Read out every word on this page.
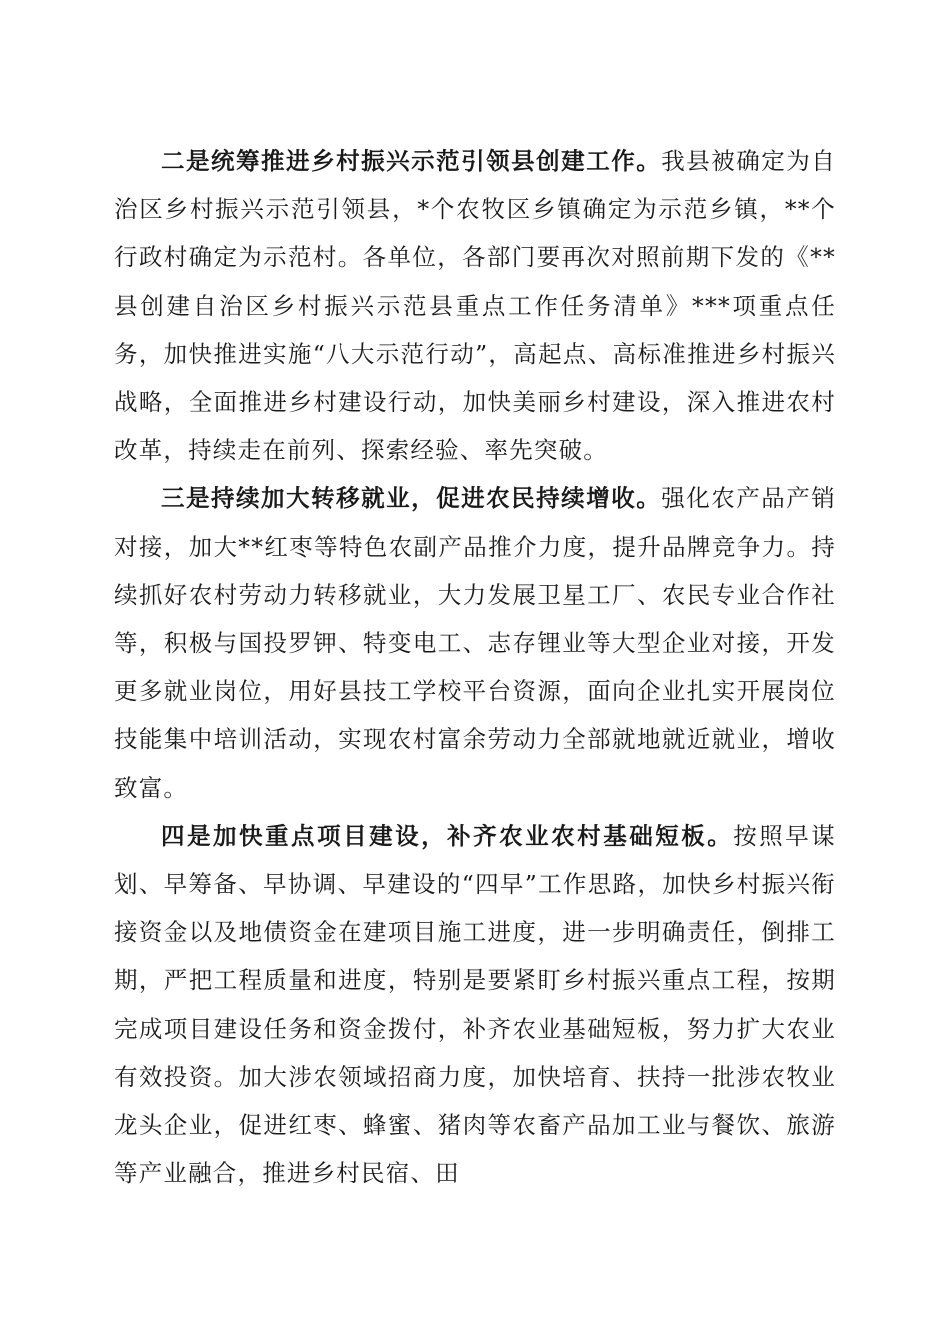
二是统筹推进乡村振兴示范引领县创建工作。我县被确定为自治区乡村振兴示范引领县，*个农牧区乡镇确定为示范乡镇，**个行政村确定为示范村。各单位，各部门要再次对照前期下发的《**县创建自治区乡村振兴示范县重点工作任务清单》***项重点任务，加快推进实施“八大示范行动”，高起点、高标准推进乡村振兴战略，全面推进乡村建设行动，加快美丽乡村建设，深入推进农村改革，持续走在前列、探索经验、率先突破。

三是持续加大转移就业，促进农民持续增收。强化农产品产销对接，加大**红枣等特色农副产品推介力度，提升品牌竞争力。持续抓好农村劳动力转移就业，大力发展卫星工厂、农民专业合作社等，积极与国投罗钾、特变电工、志存锂业等大型企业对接，开发更多就业岗位，用好县技工学校平台资源，面向企业扎实开展岗位技能集中培训活动，实现农村富余劳动力全部就地就近就业，增收致富。

四是加快重点项目建设，补齐农业农村基础短板。按照早谋划、早筹备、早协调、早建设的“四早”工作思路，加快乡村振兴衔接资金以及地债资金在建项目施工进度，进一步明确责任，倒排工期，严把工程质量和进度，特别是要紧盯乡村振兴重点工程，按期完成项目建设任务和资金拨付，补齐农业基础短板，努力扩大农业有效投资。加大涉农领域招商力度，加快培育、扶持一批涉农牧业龙头企业，促进红枣、蜂蜜、猪肉等农畜产品加工业与餐饮、旅游等产业融合，推进乡村民宿、田
